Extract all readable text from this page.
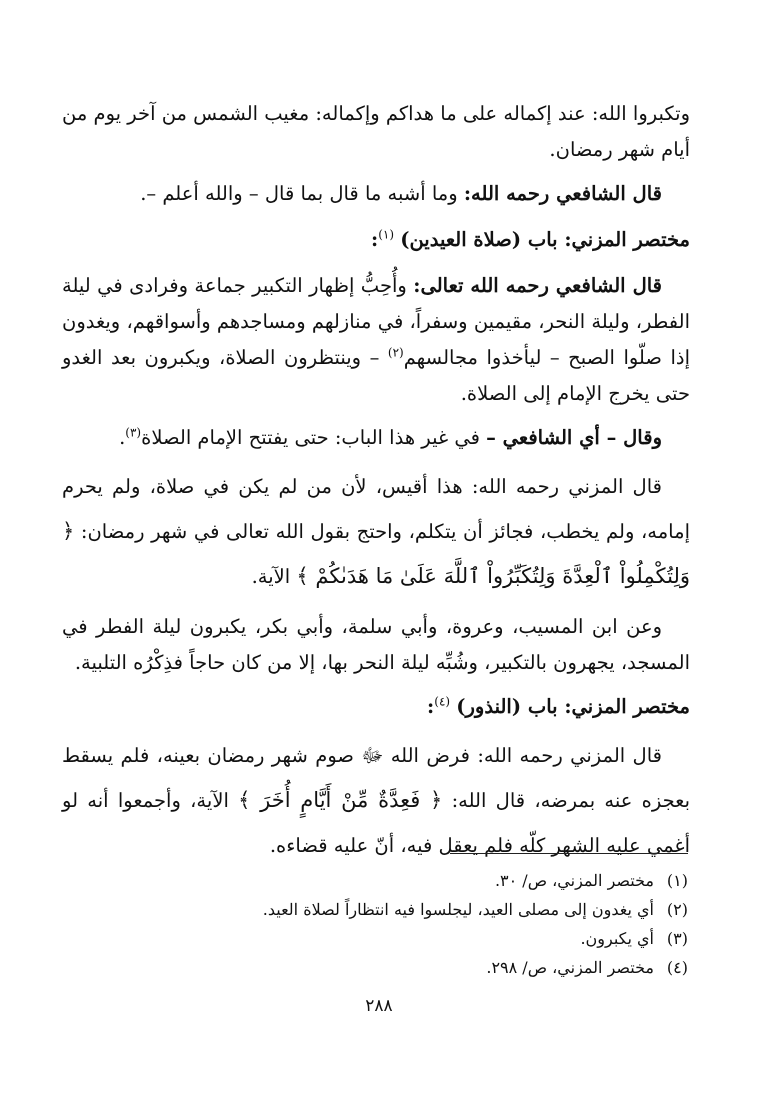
وتكبروا الله: عند إكماله على ما هداكم وإكماله: مغيب الشمس من آخر يوم من أيام شهر رمضان.

قال الشافعي رحمه الله: وما أشبه ما قال بما قال – والله أعلم –.

مختصر المزني: باب (صلاة العيدين) $^{(١)}$:

قال الشافعي رحمه الله تعالى: وأُحِبُّ إظهار التكبير جماعة وفرادى في ليلة الفطر، وليلة النحر، مقيمين وسفراً، في منازلهم ومساجدهم وأسواقهم، ويغدون إذا صلّوا الصبح – ليأخذوا مجالسهم$^{(٢)}$ – وينتظرون الصلاة، ويكبرون بعد الغدو حتى يخرج الإمام إلى الصلاة.

وقال – أي الشافعي – في غير هذا الباب: حتى يفتتح الإمام الصلاة$^{(٣)}$.

قال المزني رحمه الله: هذا أقيس، لأن من لم يكن في صلاة، ولم يحرم إمامه، ولم يخطب، فجائز أن يتكلم، واحتج بقول الله تعالى في شهر رمضان: ﴿ وَلِتُكْمِلُواْ ٱلْعِدَّةَ وَلِتُكَبِّرُواْ ٱللَّهَ عَلَىٰ مَا هَدَىٰكُمْ ﴾ الآية.

وعن ابن المسيب، وعروة، وأبي سلمة، وأبي بكر، يكبرون ليلة الفطر في المسجد، يجهرون بالتكبير، وشُبِّه ليلة النحر بها، إلا من كان حاجاً فذِكْرُه التلبية.

مختصر المزني: باب (النذور) $^{(٤)}$:

قال المزني رحمه الله: فرض الله ﷻ صوم شهر رمضان بعينه، فلم يسقط بعجزه عنه بمرضه، قال الله: ﴿ فَعِدَّةٌ مِّنْ أَيَّامٍ أُخَرَ ﴾ الآية، وأجمعوا أنه لو أغمي عليه الشهر كلّه فلم يعقل فيه، أنّ عليه قضاءه.

(١)مختصر المزني، ص/ ٣٠.

(٢)أي يغدون إلى مصلى العيد، ليجلسوا فيه انتظاراً لصلاة العيد.

(٣)أي يكبرون.

(٤)مختصر المزني، ص/ ٢٩٨.

٢٨٨
